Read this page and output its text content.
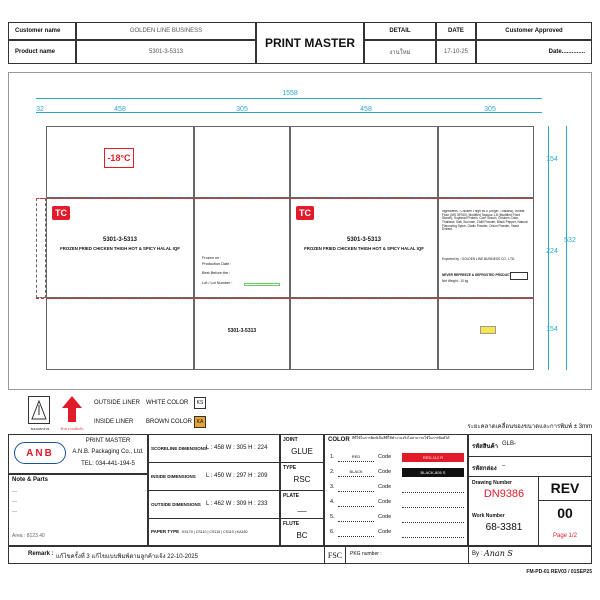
Customer name	GOLDEN LINE BUSINESS
Product name	5301-3-5313
PRINT MASTER
DETAIL
งานใหม่
DATE
17-10-25
Customer Approved
Date..............
1558
32	458	305	458	305
154
224
154
532
-18°C
TC	TC
5301-3-5313
FROZEN FRIED CHICKEN THIGH HOT & SPICY HALAL IQF
5301-3-5313
FROZEN FRIED CHICKEN THIGH HOT & SPICY HALAL IQF
Frozen on :
Production Date :
Best Before the :
Lot / Lot Number :
Ingredients : Chicken Thigh 56.5 (Origin: Thailand), Wheat Flour (MS 39760), Modified Tapioca 1.8 (Modified Food Starch), Soybean Protein, Corn Starch, Chicken Color, Thailand, Salt, Sucrose, Chilli Powder, Black Pepper, Natural Flavouring Spice, Garlic Powder, Onion Powder, Yeast Extract.
Exported by : GOLDEN LINE BUSINESS CO., LTD.
NEVER REFREEZE & DEFROSTED PRODUCT
Net Weight : 10 kg
5301-3-5313
ของแตกง่าย	ห้ามวางกลับหัว
OUTSIDE LINER WHITE COLOR	KS
INSIDE LINER BROWN COLOR KA
ระยะคลาดเคลื่อนของขนาดและการพิมพ์ ± 3mm
ANB
PRINT MASTER
A.N.B. Packaging Co., Ltd.
TEL: 034-441-194-5
Note & Parts
---
---
---
Area : 8123.40
SCORELINE DIMENSIONS
L : 458 W : 305 H : 224
INSIDE DIMENSIONS L : 450 W : 297 H : 209
OUTSIDE DIMENSIONS L : 462 W : 309 H : 233
PAPER TYPE KS170 | CS110 | CS110 | CS110 | KA150
JOINT
GLUE
TYPE
RSC
PLATE
__
FLUTE
BC
COLOR สีที่ใช้ในการพิมพ์เป็นสีที่ใช้ทำงานจริงไม่สามารถใช้ในการพิมพ์ได้
1.	RED	Code	RED-112 R
2.	BLACK	Code	BLACK-805 S
3.	Code
4.	Code
5.	Code
6.	Code
รหัสสินค้า GLB-
รหัสกล่อง –
Drawing Number
DN9386
Work Number
68-3381
REV
00
Page 1/2
Remark : แก้ไขครั้งที่ 3 แก้ไขแบบพิมพ์ตามลูกค้าแจ้ง 22-10-2025	FSC	PKG number :	By : Anan S
FM-PD-01 REV03 / 01SEP25
